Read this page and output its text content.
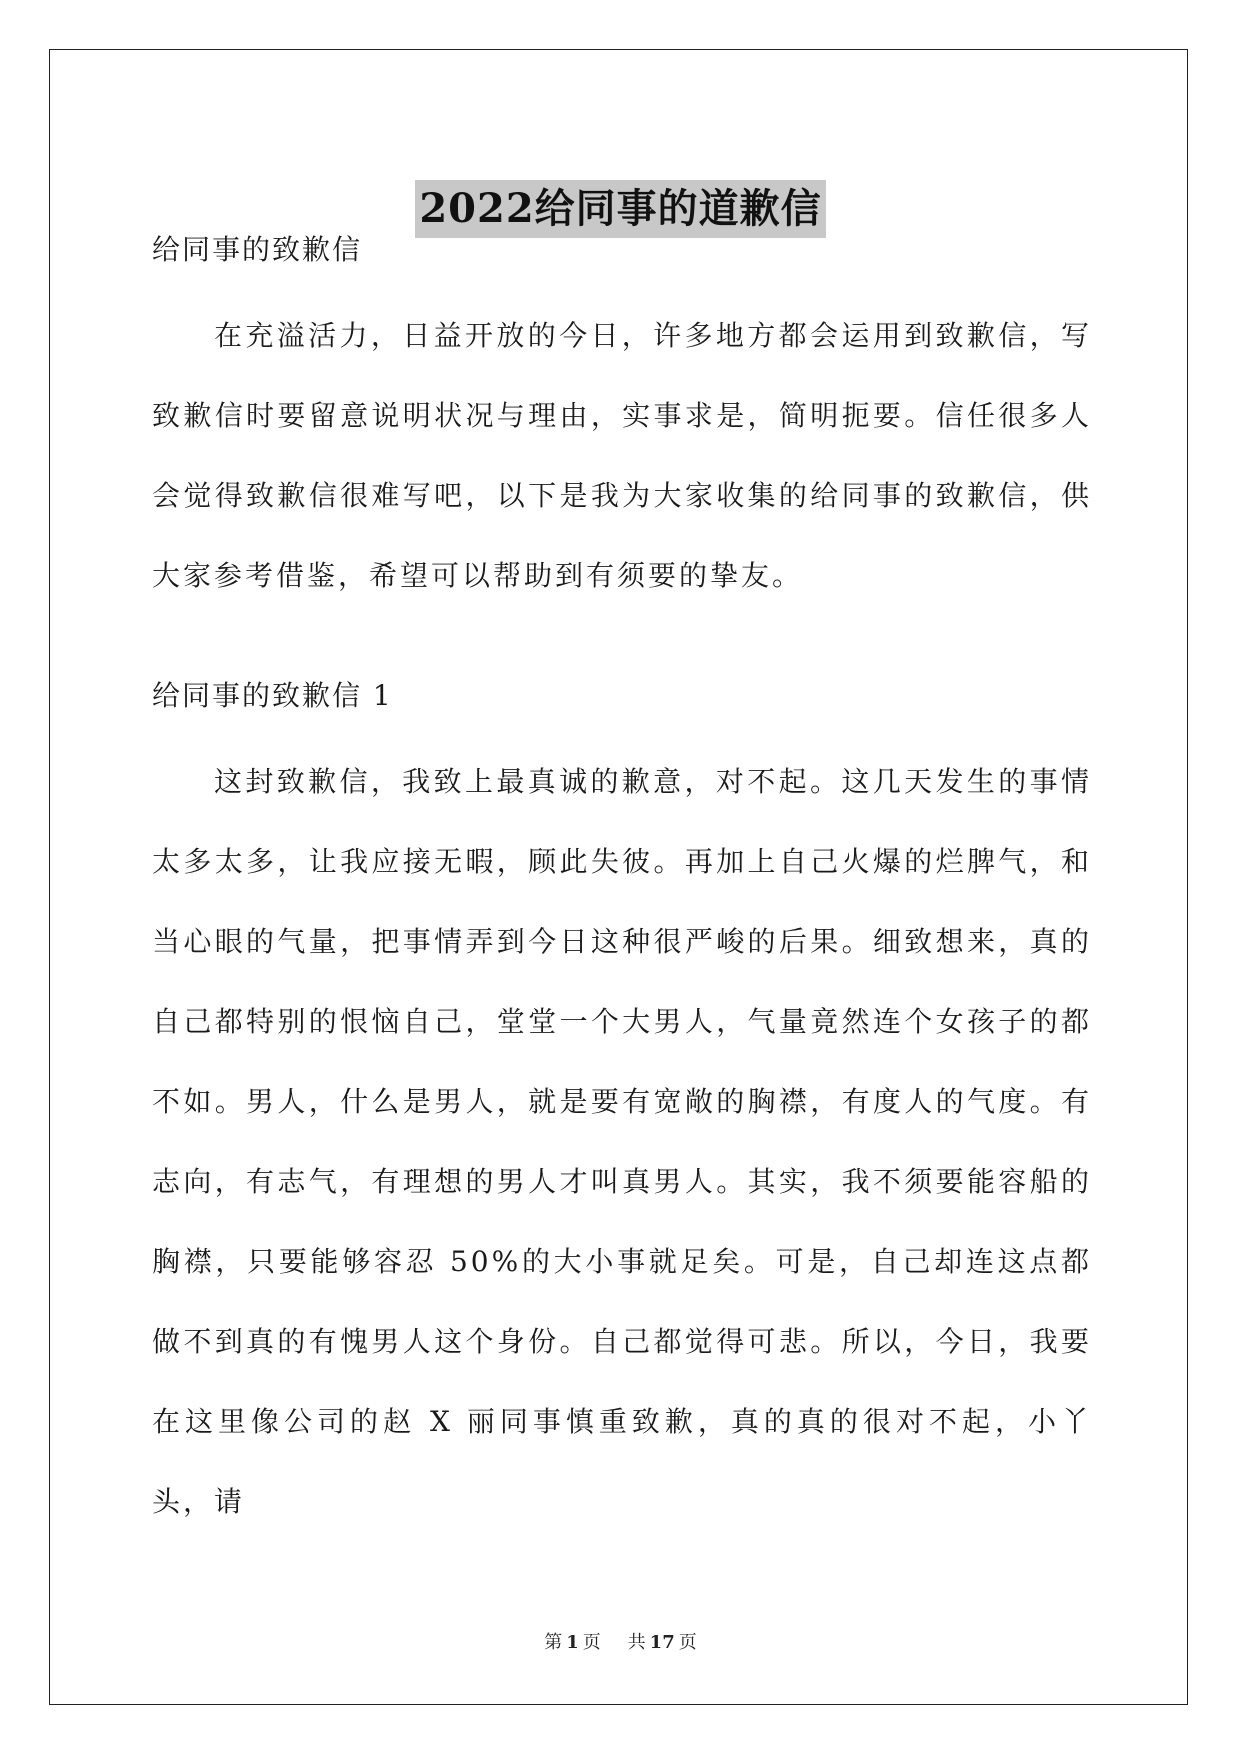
2022给同事的道歉信

给同事的致歉信

在充溢活力，日益开放的今日，许多地方都会运用到致歉信，写致歉信时要留意说明状况与理由，实事求是，简明扼要。信任很多人会觉得致歉信很难写吧，以下是我为大家收集的给同事的致歉信，供大家参考借鉴，希望可以帮助到有须要的挚友。

给同事的致歉信 1

这封致歉信，我致上最真诚的歉意，对不起。这几天发生的事情太多太多，让我应接无暇，顾此失彼。再加上自己火爆的烂脾气，和当心眼的气量，把事情弄到今日这种很严峻的后果。细致想来，真的自己都特别的恨恼自己，堂堂一个大男人，气量竟然连个女孩子的都不如。男人，什么是男人，就是要有宽敞的胸襟，有度人的气度。有志向，有志气，有理想的男人才叫真男人。其实，我不须要能容船的胸襟，只要能够容忍 50%的大小事就足矣。可是，自己却连这点都做不到真的有愧男人这个身份。自己都觉得可悲。所以，今日，我要在这里像公司的赵 X 丽同事慎重致歉，真的真的很对不起，小丫头，请

第 1 页 共 17 页
